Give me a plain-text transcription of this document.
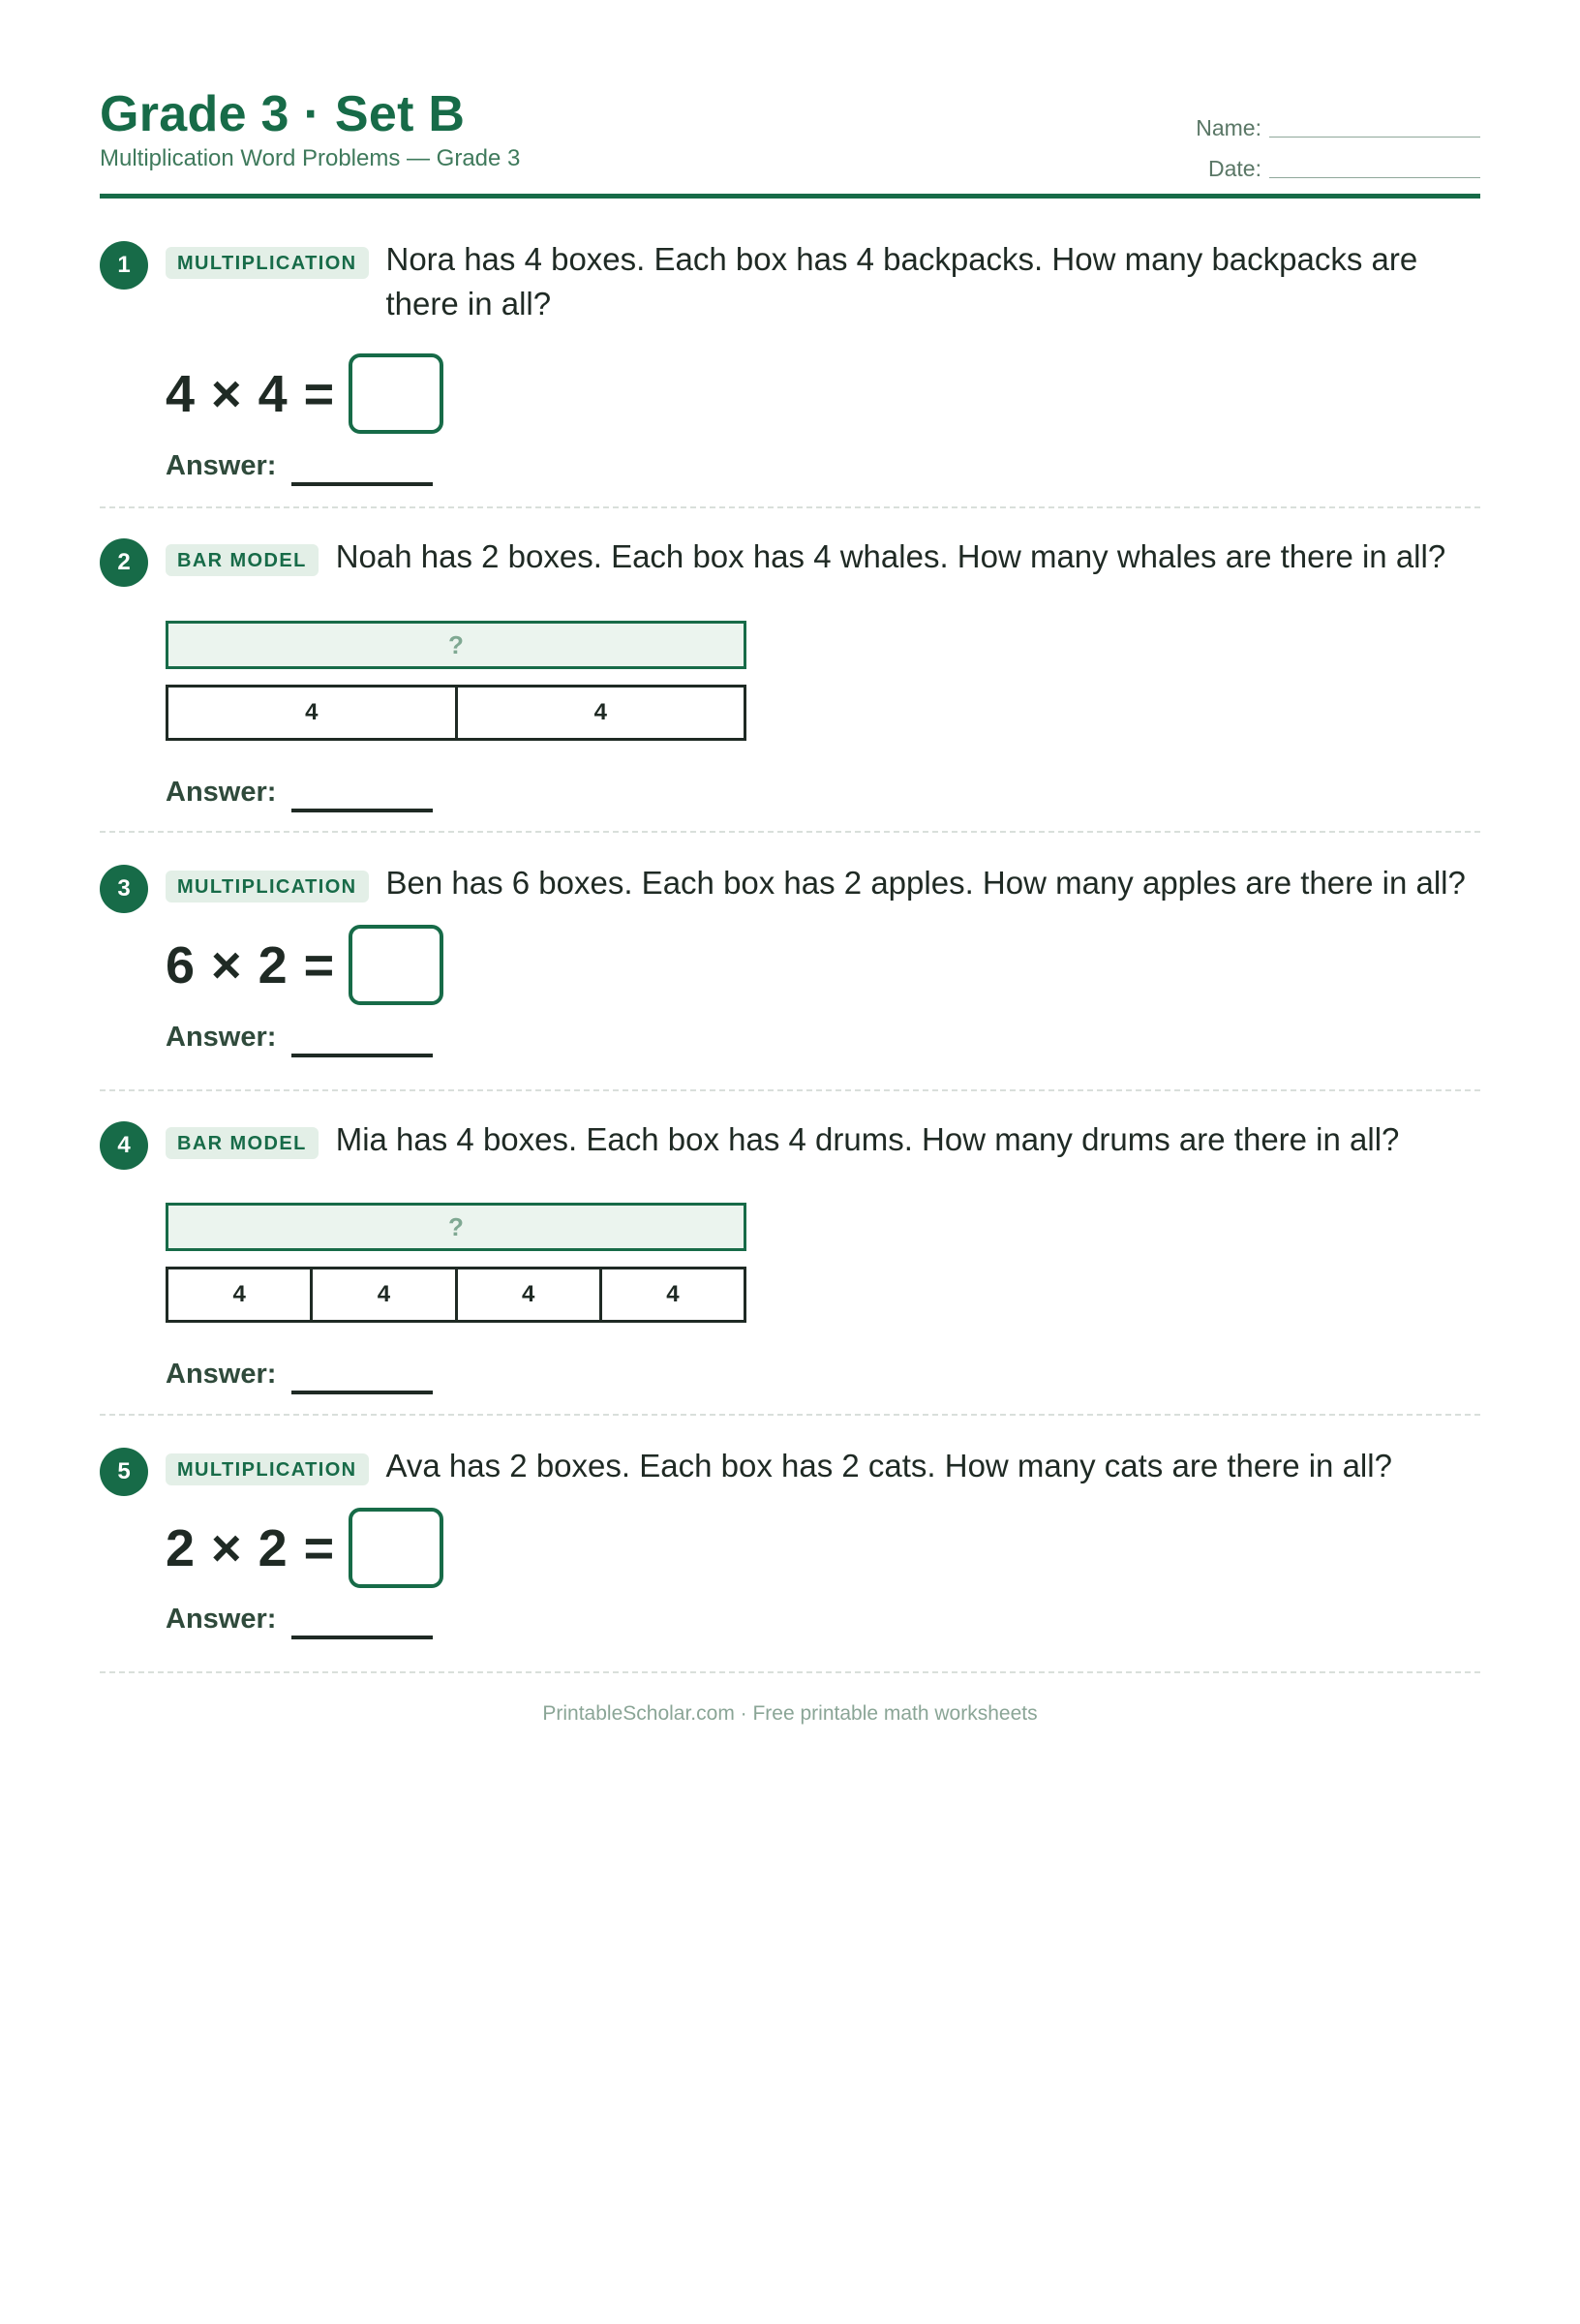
Grade 3 · Set B
Multiplication Word Problems — Grade 3
Name:
Date:
1	MULTIPLICATION Nora has 4 boxes. Each box has 4 backpacks. How many backpacks are there in all?
4 × 4 =
Answer:
2	BAR MODEL Noah has 2 boxes. Each box has 4 whales. How many whales are there in all?
?
4	4
Answer:
3	MULTIPLICATION Ben has 6 boxes. Each box has 2 apples. How many apples are there in all?
6 × 2 =
Answer:
4	BAR MODEL Mia has 4 boxes. Each box has 4 drums. How many drums are there in all?
?
4	4	4	4
Answer:
5	MULTIPLICATION Ava has 2 boxes. Each box has 2 cats. How many cats are there in all?
2 × 2 =
Answer:
PrintableScholar.com · Free printable math worksheets
